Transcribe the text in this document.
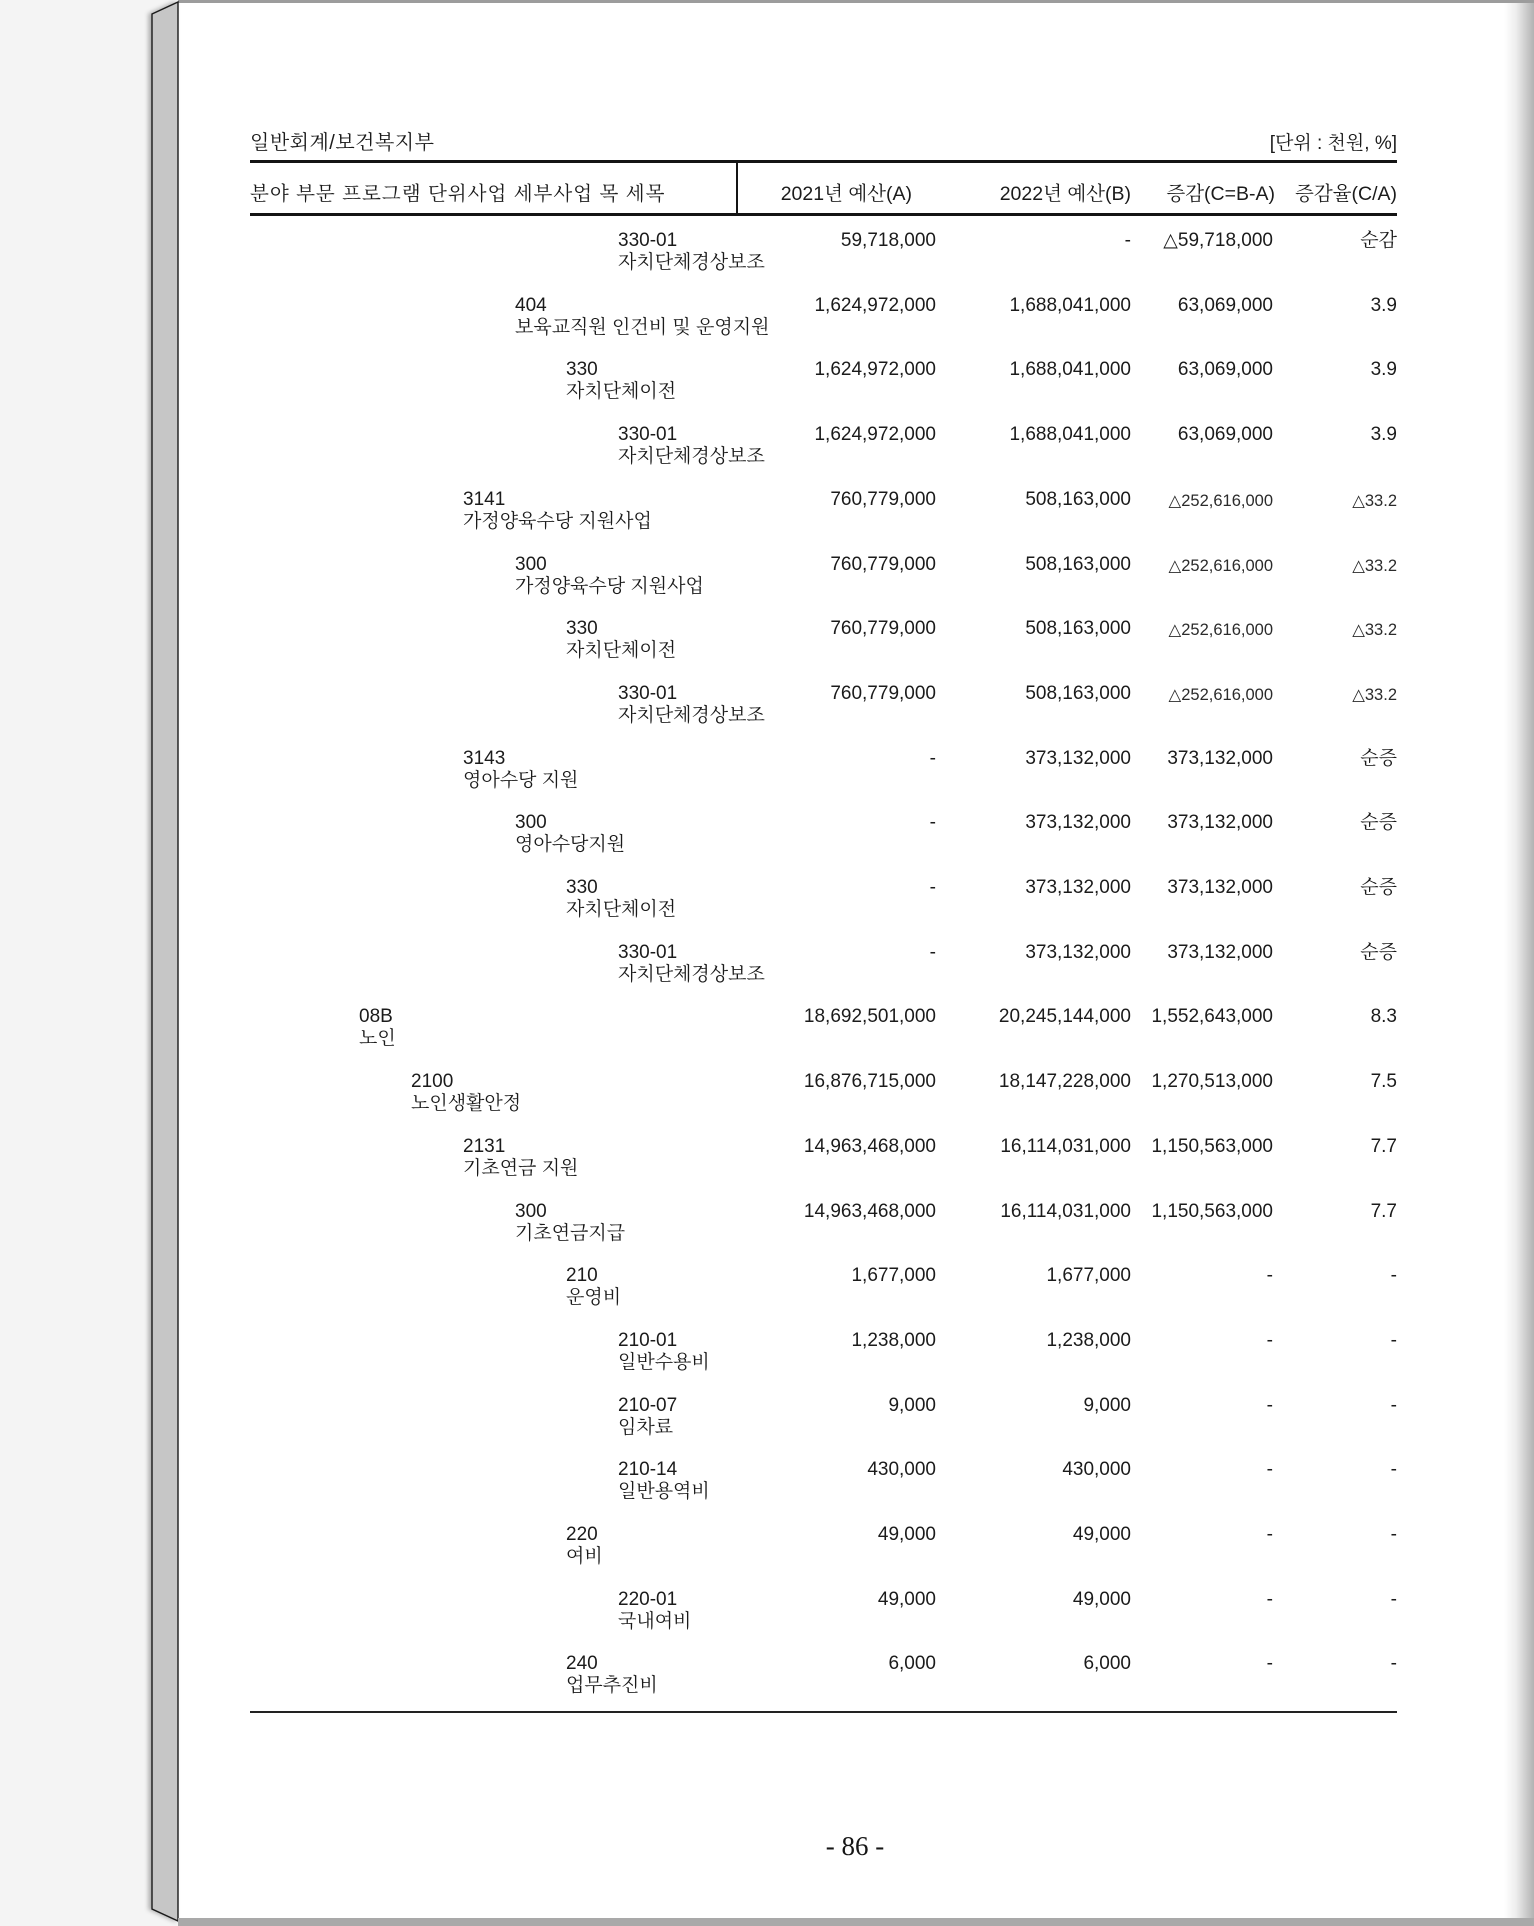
일반회계/보건복지부	[단위 : 천원, %]
분야 부문 프로그램 단위사업 세부사업 목 세목	2021년 예산(A)	2022년 예산(B) 증감(C=B-A) 증감율(C/A)
330-01
자치단체경상보조
59,718,000	- △59,718,000	순감
404
보육교직원 인건비 및 운영지원
1,624,972,000	1,688,041,000 63,069,000	3.9
330
자치단체이전
1,624,972,000	1,688,041,000 63,069,000	3.9
330-01
자치단체경상보조
1,624,972,000	1,688,041,000 63,069,000	3.9
3141
가정양육수당 지원사업
760,779,000	508,163,000 △252,616,000	△33.2
300
가정양육수당 지원사업
760,779,000	508,163,000 △252,616,000	△33.2
330
자치단체이전
760,779,000	508,163,000 △252,616,000	△33.2
330-01
자치단체경상보조
760,779,000	508,163,000 △252,616,000	△33.2
3143
영아수당 지원
-	373,132,000 373,132,000	순증
300
영아수당지원
-	373,132,000 373,132,000	순증
330
자치단체이전
-	373,132,000 373,132,000	순증
330-01
자치단체경상보조
-	373,132,000 373,132,000	순증
08B
노인
18,692,501,000	20,245,144,000 1,552,643,000	8.3
2100
노인생활안정
16,876,715,000	18,147,228,000 1,270,513,000	7.5
2131
기초연금 지원
14,963,468,000	16,114,031,000 1,150,563,000	7.7
300
기초연금지급
14,963,468,000	16,114,031,000 1,150,563,000	7.7
210
운영비
1,677,000	1,677,000	-	-
210-01
일반수용비
1,238,000	1,238,000	-	-
210-07
임차료
9,000	9,000	-	-
210-14
일반용역비
430,000	430,000	-	-
220
여비
49,000	49,000	-	-
220-01
국내여비
49,000	49,000	-	-
240
업무추진비
6,000	6,000	-	-
- 86 -
